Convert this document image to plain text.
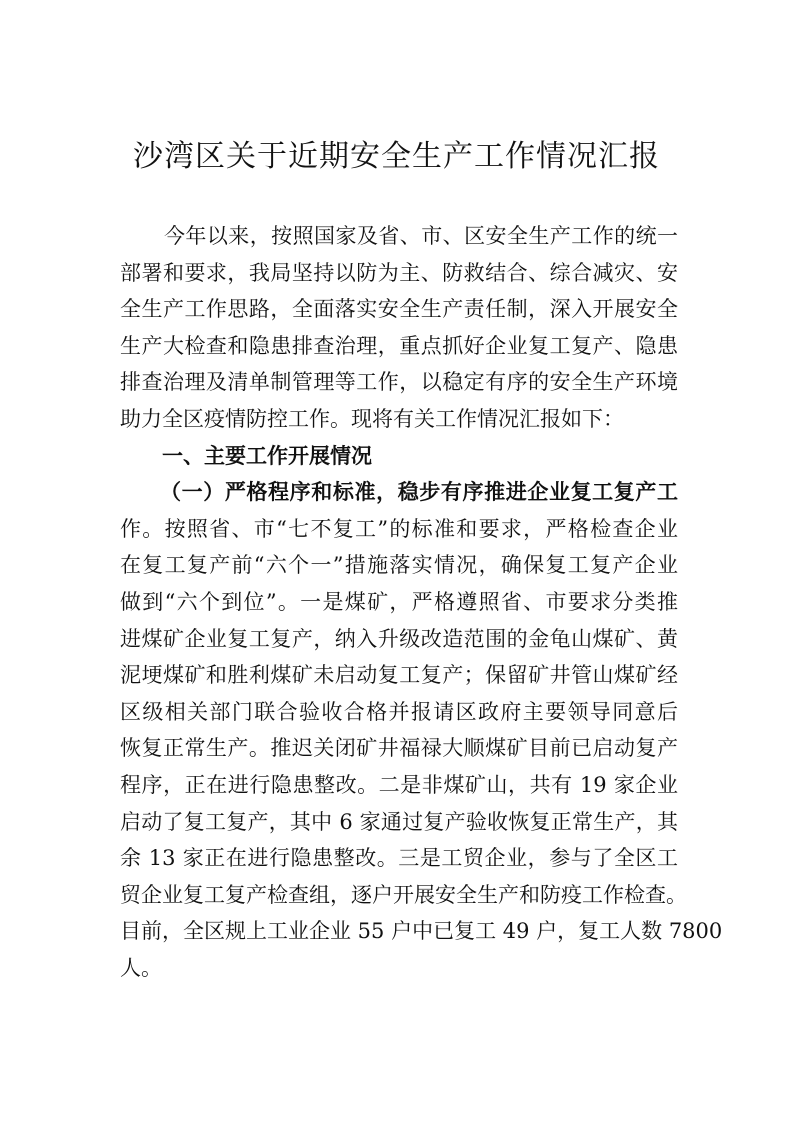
沙湾区关于近期安全生产工作情况汇报
今年以来，按照国家及省、市、区安全生产工作的统一
部署和要求，我局坚持以防为主、防救结合、综合减灾、安
全生产工作思路，全面落实安全生产责任制，深入开展安全
生产大检查和隐患排查治理，重点抓好企业复工复产、隐患
排查治理及清单制管理等工作，以稳定有序的安全生产环境
助力全区疫情防控工作。现将有关工作情况汇报如下：
一、主要工作开展情况
（一）严格程序和标准，稳步有序推进企业复工复产工
作。按照省、市“七不复工”的标准和要求，严格检查企业
在复工复产前“六个一”措施落实情况，确保复工复产企业
做到“六个到位”。一是煤矿，严格遵照省、市要求分类推
进煤矿企业复工复产，纳入升级改造范围的金龟山煤矿、黄
泥埂煤矿和胜利煤矿未启动复工复产；保留矿井管山煤矿经
区级相关部门联合验收合格并报请区政府主要领导同意后
恢复正常生产。推迟关闭矿井福禄大顺煤矿目前已启动复产
程序，正在进行隐患整改。二是非煤矿山，共有 19 家企业
启动了复工复产，其中 6 家通过复产验收恢复正常生产，其
余 13 家正在进行隐患整改。三是工贸企业，参与了全区工
贸企业复工复产检查组，逐户开展安全生产和防疫工作检查。
目前，全区规上工业企业 55 户中已复工 49 户，复工人数 7800
人。
